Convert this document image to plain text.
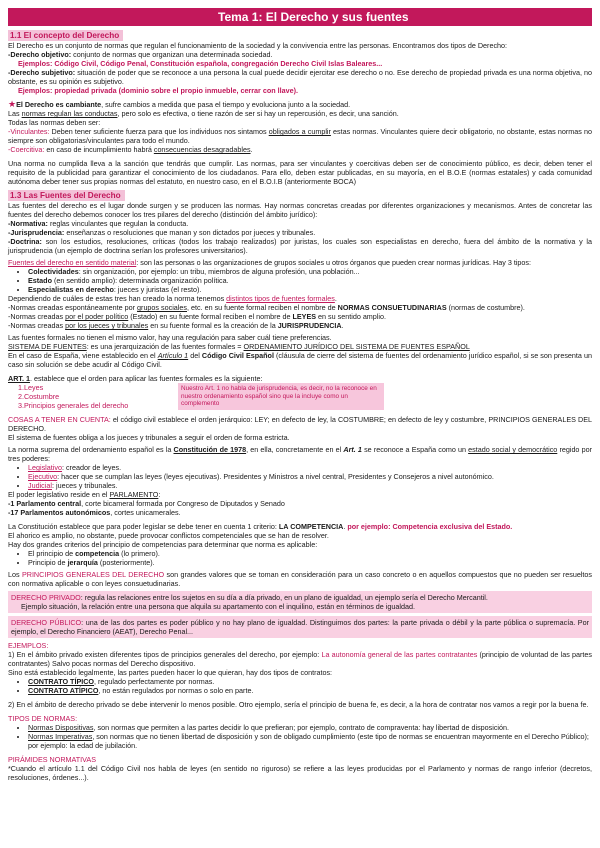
Tema 1: El Derecho y sus fuentes
1.1 El concepto del Derecho

El Derecho es un conjunto de normas que regulan el funcionamiento de la sociedad y la convivencia entre las personas. Encontramos dos tipos de Derecho:

-Derecho objetivo: conjunto de normas que organizan una determinada sociedad.

Ejemplos: Código Civil, Código Penal, Constitución española, congregación Derecho Civil Islas Baleares...

-Derecho subjetivo: situación de poder que se reconoce a una persona la cual puede decidir ejercitar ese derecho o no. Ese derecho de propiedad privada es una norma objetiva, no obstante, es su opinión es subjetivo.

Ejemplos: propiedad privada (dominio sobre el propio inmueble, cerrar con llave).

★El Derecho es cambiante, sufre cambios a medida que pasa el tiempo y evoluciona junto a la sociedad.

Las normas regulan las conductas, pero solo es efectiva, o tiene razón de ser si hay un repercusión, es decir, una sanción.

Todas las normas deben ser:

-Vinculantes: Deben tener suficiente fuerza para que los individuos nos sintamos obligados a cumplir estas normas. Vinculantes quiere decir obligatorio, no obstante, estas normas no siempre son obligatorias/vinculantes para todo el mundo.

-Coercitiva: en caso de incumplimiento habrá consecuencias desagradables.

Una norma no cumplida lleva a la sanción que tendrás que cumplir. Las normas, para ser vinculantes y coercitivas deben ser de conocimiento público, es decir, deben tener el requisito de la publicidad para garantizar el conocimiento de los ciudadanos. Para ello, deben estar publicadas, en su mayoría, en el B.O.E (normas estatales) y cada comunidad autónoma deber tener sus propias normas del estatuto, en nuestro caso, en el B.O.I.B (anteriormente BOCA)

1.3 Las Fuentes del Derecho

Las fuentes del derecho es el lugar donde surgen y se producen las normas. Hay normas concretas creadas por diferentes organizaciones y mecanismos. Antes de concretar las fuentes del derecho debemos conocer los tres pilares del derecho (distinción del ámbito jurídico):

-Normativa: reglas vinculantes que regulan la conducta.

-Jurisprudencia: enseñanzas o resoluciones que manan y son dictados por jueces y tribunales.

-Doctrina: son los estudios, resoluciones, críticas (todos los trabajo realizados) por juristas, los cuales son especialistas en derecho, fuera del ámbito de la normativa y la jurisprudencia (un ejemplo de doctrina serían los profesores universitarios).

Fuentes del derecho en sentido material: son las personas o las organizaciones de grupos sociales u otros órganos que pueden crear normas jurídicas. Hay 3 tipos:

• Colectividades: sin organización, por ejemplo: un tribu, miembros de alguna profesión, una población...
• Estado (en sentido amplio): determinada organización política.
• Especialistas en derecho: jueces y juristas (el resto).

Dependiendo de cuáles de estas tres han creado la norma tenemos distintos tipos de fuentes formales.

-Normas creadas espontáneamente por grupos sociales, etc. en su fuente formal reciben el nombre de NORMAS CONSUETUDINARIAS (normas de costumbre).

-Normas creadas por el poder político (Estado) en su fuente formal reciben el nombre de LEYES en su sentido amplio.

-Normas creadas por los jueces y tribunales en su fuente formal es la creación de la JURISPRUDENCIA.

Las fuentes formales no tienen el mismo valor, hay una regulación para saber cuál tiene preferencias.

SISTEMA DE FUENTES: es una jerarquización de las fuentes formales = ORDENAMIENTO JURÍDICO DEL SISTEMA DE FUENTES ESPAÑOL

En el caso de España, viene establecido en el Artículo 1 del Código Civil Español (cláusula de cierre del sistema de fuentes del ordenamiento jurídico español, si se son presenta un caso sin solución se debe acudir al Código Civil.

ART. 1. establece que el orden para aplicar las fuentes formales es la siguiente:

1.Leyes
2.Costumbre
3.Principios generales del derecho
Nuestro Art. 1 no habla de jurisprudencia, es decir, no la reconoce en nuestro ordenamiento español sino que la incluye como un complemento

COSAS A TENER EN CUENTA: el código civil establece el orden jerárquico: LEY; en defecto de ley, la COSTUMBRE; en defecto de ley y costumbre, PRINCIPIOS GENERALES DEL DERECHO.

El sistema de fuentes obliga a los jueces y tribunales a seguir el orden de forma estricta.

La norma suprema del ordenamiento español es la Constitución de 1978, en ella, concretamente en el Art. 1 se reconoce a España como un estado social y democrático regido por tres poderes:

• Legislativo: creador de leyes.
• Ejecutivo: hacer que se cumplan las leyes (leyes ejecutivas). Presidentes y Ministros a nivel central, Presidentes y Consejeros a nivel autonómico.
• Judicial: jueces y tribunales.

El poder legislativo reside en el PARLAMENTO:

-1 Parlamento central, corte bicameral formada por Congreso de Diputados y Senado

-17 Parlamentos autonómicos, cortes unicamerales.

La Constitución establece que para poder legislar se debe tener en cuenta 1 criterio: LA COMPETENCIA. por ejemplo: Competencia exclusiva del Estado.

El ahorico es amplio, no obstante, puede provocar conflictos competenciales que se han de resolver.

Hay dos grandes criterios del principio de competencias para determinar que norma es aplicable:

• El principio de competencia (lo primero).
• Principio de jerarquía (posteriormente).

Los PRINCIPIOS GENERALES DEL DERECHO son grandes valores que se toman en consideración para un caso concreto o en aquellos compuestos que no pueden ser resueltos con normativa aplicable o con leyes consuetudinarias.

DERECHO PRIVADO: regula las relaciones entre los sujetos en su día a día privado, en un plano de igualdad, un ejemplo sería el Derecho Mercantil.

Ejemplo situación, la relación entre una persona que alquila su apartamento con el inquilino, están en términos de igualdad.

DERECHO PÚBLICO: una de las dos partes es poder público y no hay plano de igualdad. Distinguimos dos partes: la parte privada o débil y la parte pública o supremacía. Por ejemplo, el Derecho Financiero (AEAT), Derecho Penal...

EJEMPLOS:

1) En el ámbito privado existen diferentes tipos de principios generales del derecho, por ejemplo: La autonomía general de las partes contratantes (principio de voluntad de las partes contratantes) Salvo pocas normas del Derecho dispositivo.

Sino está establecido legalmente, las partes pueden hacer lo que quieran, hay dos tipos de contratos:

• CONTRATO TÍPICO, regulado perfectamente por normas.
• CONTRATO ATÍPICO, no están regulados por normas o solo en parte.

2) En el ámbito de derecho privado se debe intervenir lo menos posible. Otro ejemplo, sería el principio de buena fe, es decir, a la hora de contratar nos vamos a regir por la buena fe.

TIPOS DE NORMAS:

• Normas Dispositivas, son normas que permiten a las partes decidir lo que prefieran; por ejemplo, contrato de compraventa: hay libertad de disposición.
• Normas Imperativas, son normas que no tienen libertad de disposición y son de obligado cumplimiento (este tipo de normas se encuentran mayormente en el Derecho Público); por ejemplo: la edad de jubilación.

PIRÁMIDES NORMATIVAS

*Cuando el artículo 1.1 del Código Civil nos habla de leyes (en sentido no riguroso) se refiere a las leyes producidas por el Parlamento y normas de rango inferior (decretos, resoluciones, órdenes...).
